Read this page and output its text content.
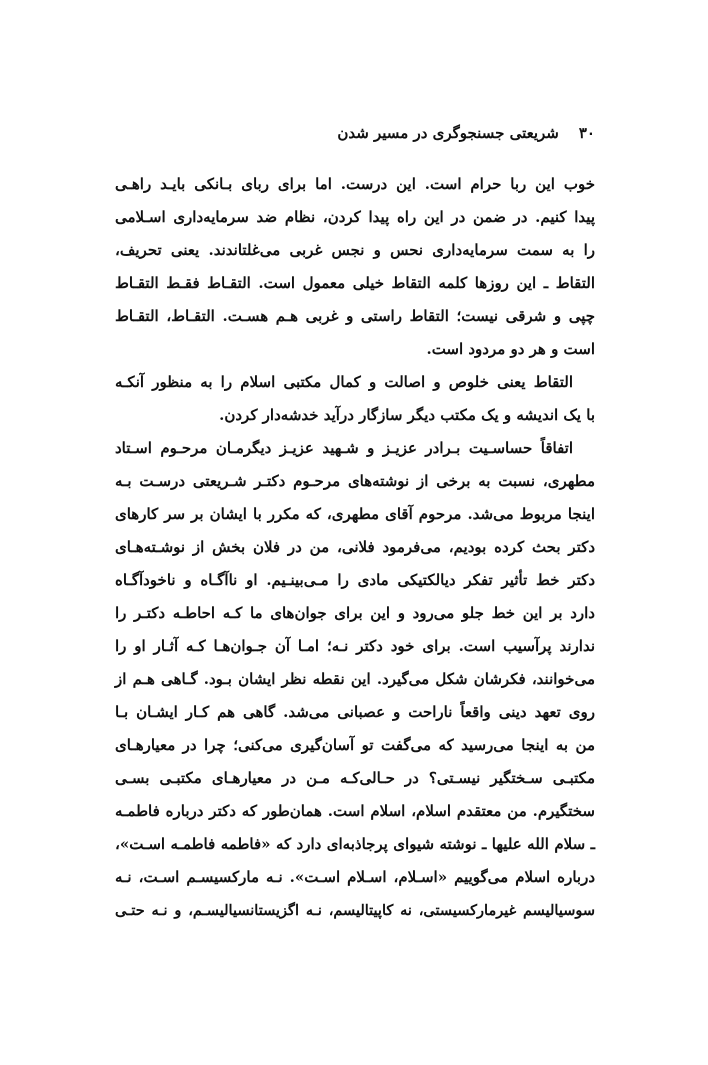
۳۰
شریعتی جسنجوگری در مسیر شدن
خوب این ربا حرام است. این درست. اما برای ربای بـانکی بایـد راهـی
پیدا کنیم. در ضمن در این راه پیدا کردن، نظام ضد سرمایه‌داری اسـلامی
را به سمت سرمایه‌داری نحس و نجس غربی می‌غلتاندند. یعنی تحریف،
التقاط ـ این روزها کلمه التقاط خیلی معمول است. التقـاط فقـط التقـاط
چپی و شرقی نیست؛ التقاط راستی و غربی هـم هسـت. التقـاط، التقـاط
است و هر دو مردود است.
التقاط یعنی خلوص و اصالت و کمال مکتبی اسلام را به منظور آنکـه
با یک اندیشه و یک مکتب دیگر سازگار درآید خدشه‌دار کردن.
اتفاقاً حساسـیت بـرادر عزیـز و شـهید عزیـز دیگرمـان مرحـوم اسـتاد
مطهری، نسبت به برخی از نوشته‌های مرحـوم دکتـر شـریعتی درسـت بـه
اینجا مربوط می‌شد. مرحوم آقای مطهری، که مکرر با ایشان بر سر کارهای
دکتر بحث کرده بودیم، می‌فرمود فلانی، من در فلان بخش از نوشـته‌هـای
دکتر خط تأثیر تفکر دیالکتیکی مادی را مـی‌بینـیم. او ناآگـاه و ناخودآگـاه
دارد بر این خط جلو می‌رود و این برای جوان‌های ما کـه احاطـه دکتـر را
ندارند پرآسیب است. برای خود دکتر نـه؛ امـا آن جـوان‌هـا کـه آثـار او را
می‌خوانند، فکرشان شکل می‌گیرد. این نقطه نظر ایشان بـود. گـاهی هـم از
روی تعهد دینی واقعاً ناراحت و عصبانی می‌شد. گاهی هم کـار ایشـان بـا
من به اینجا می‌رسید که می‌گفت تو آسان‌گیری می‌کنی؛ چرا در معیارهـای
مکتبـی سـختگیر نیسـتی؟ در حـالی‌کـه مـن در معیارهـای مکتبـی بسـی
سختگیرم. من معتقدم اسلام، اسلام است. همان‌طور که دکتر درباره فاطمـه
ـ سلام الله علیها ـ نوشته شیوای پرجاذبه‌ای دارد که «فاطمه فاطمـه اسـت»،
درباره اسلام می‌گوییم «اسـلام، اسـلام اسـت». نـه مارکسیسـم اسـت، نـه
سوسیالیسم غیرمارکسیستی، نه کاپیتالیسم، نـه اگزیستانسیالیسـم، و نـه حتـی
